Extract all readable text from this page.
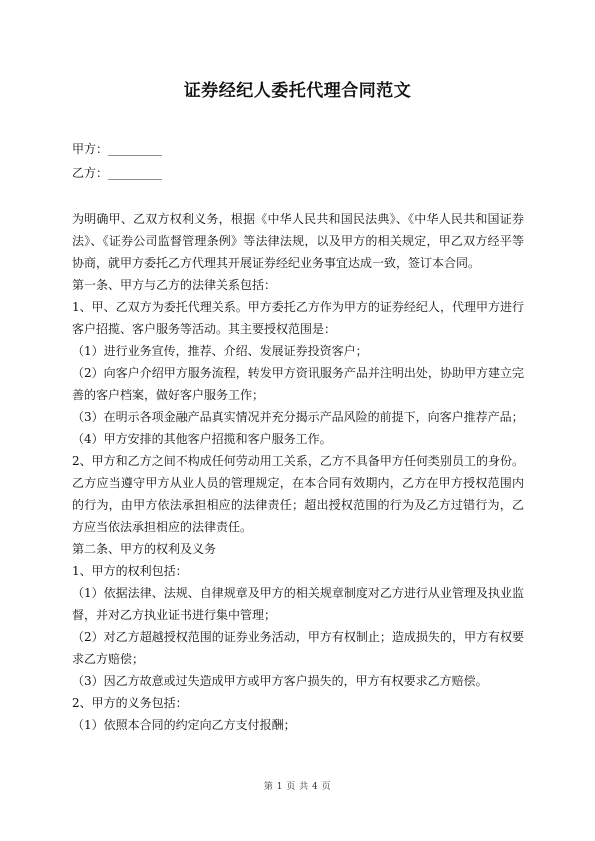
证券经纪人委托代理合同范文
甲方：_________
乙方：_________

为明确甲、乙双方权利义务，根据《中华人民共和国民法典》、《中华人民共和国证券法》、《证券公司监督管理条例》等法律法规，以及甲方的相关规定，甲乙双方经平等协商，就甲方委托乙方代理其开展证券经纪业务事宜达成一致，签订本合同。

第一条、甲方与乙方的法律关系包括：

1、甲、乙双方为委托代理关系。甲方委托乙方作为甲方的证券经纪人，代理甲方进行客户招揽、客户服务等活动。其主要授权范围是：

（1）进行业务宣传，推荐、介绍、发展证券投资客户；

（2）向客户介绍甲方服务流程，转发甲方资讯服务产品并注明出处，协助甲方建立完善的客户档案，做好客户服务工作；

（3）在明示各项金融产品真实情况并充分揭示产品风险的前提下，向客户推荐产品；

（4）甲方安排的其他客户招揽和客户服务工作。

2、甲方和乙方之间不构成任何劳动用工关系，乙方不具备甲方任何类别员工的身份。乙方应当遵守甲方从业人员的管理规定，在本合同有效期内，乙方在甲方授权范围内的行为，由甲方依法承担相应的法律责任；超出授权范围的行为及乙方过错行为，乙方应当依法承担相应的法律责任。

第二条、甲方的权利及义务

1、甲方的权利包括：

（1）依据法律、法规、自律规章及甲方的相关规章制度对乙方进行从业管理及执业监督，并对乙方执业证书进行集中管理；

（2）对乙方超越授权范围的证券业务活动，甲方有权制止；造成损失的，甲方有权要求乙方赔偿；

（3）因乙方故意或过失造成甲方或甲方客户损失的，甲方有权要求乙方赔偿。

2、甲方的义务包括：

（1）依照本合同的约定向乙方支付报酬；

第 1 页 共 4 页
